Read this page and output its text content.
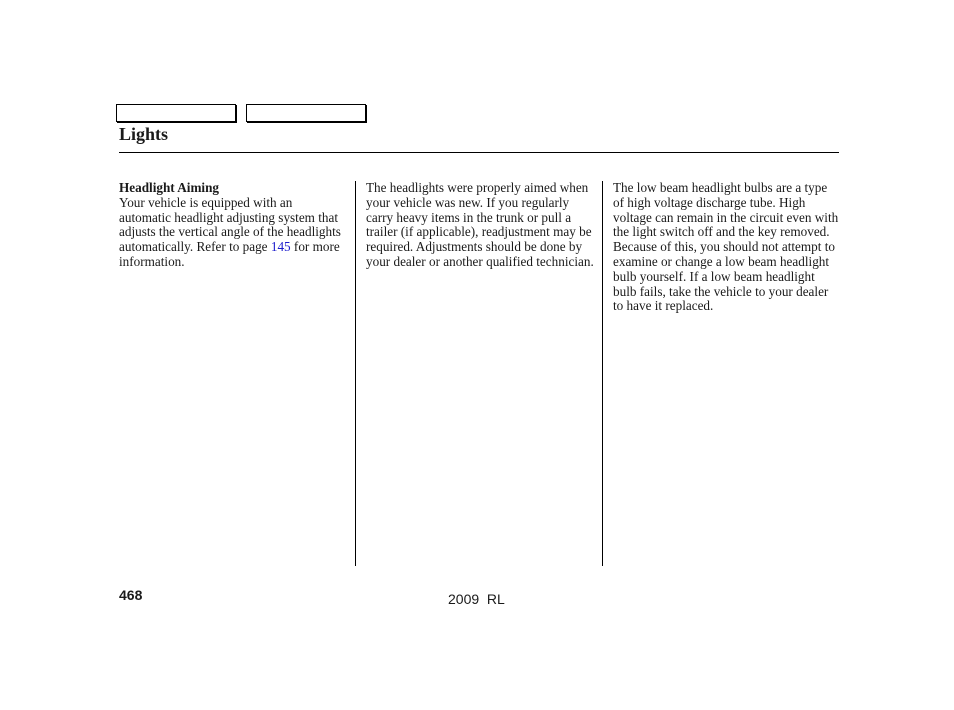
Lights
Headlight Aiming
Your vehicle is equipped with an automatic headlight adjusting system that adjusts the vertical angle of the headlights automatically. Refer to page 145 for more information.
The headlights were properly aimed when your vehicle was new. If you regularly carry heavy items in the trunk or pull a trailer (if applicable), readjustment may be required. Adjustments should be done by your dealer or another qualified technician.
The low beam headlight bulbs are a type of high voltage discharge tube. High voltage can remain in the circuit even with the light switch off and the key removed. Because of this, you should not attempt to examine or change a low beam headlight bulb yourself. If a low beam headlight bulb fails, take the vehicle to your dealer to have it replaced.
468	2009  RL
